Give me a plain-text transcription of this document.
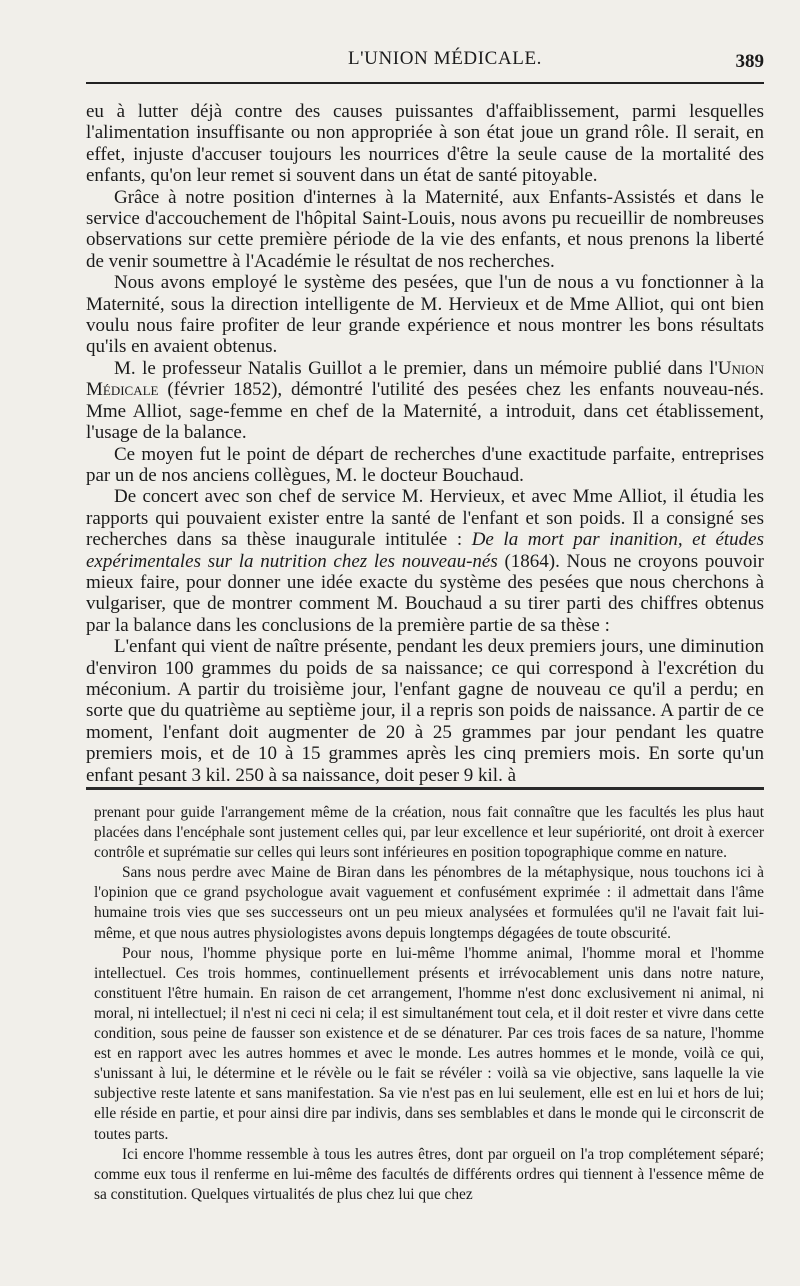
L'UNION MÉDICALE.	389

eu à lutter déjà contre des causes puissantes d'affaiblissement, parmi lesquelles l'alimentation insuffisante ou non appropriée à son état joue un grand rôle. Il serait, en effet, injuste d'accuser toujours les nourrices d'être la seule cause de la mortalité des enfants, qu'on leur remet si souvent dans un état de santé pitoyable.

Grâce à notre position d'internes à la Maternité, aux Enfants-Assistés et dans le service d'accouchement de l'hôpital Saint-Louis, nous avons pu recueillir de nombreuses observations sur cette première période de la vie des enfants, et nous prenons la liberté de venir soumettre à l'Académie le résultat de nos recherches.

Nous avons employé le système des pesées, que l'un de nous a vu fonctionner à la Maternité, sous la direction intelligente de M. Hervieux et de Mme Alliot, qui ont bien voulu nous faire profiter de leur grande expérience et nous montrer les bons résultats qu'ils en avaient obtenus.

M. le professeur Natalis Guillot a le premier, dans un mémoire publié dans l'Union Médicale (février 1852), démontré l'utilité des pesées chez les enfants nouveau-nés. Mme Alliot, sage-femme en chef de la Maternité, a introduit, dans cet établissement, l'usage de la balance.

Ce moyen fut le point de départ de recherches d'une exactitude parfaite, entreprises par un de nos anciens collègues, M. le docteur Bouchaud.

De concert avec son chef de service M. Hervieux, et avec Mme Alliot, il étudia les rapports qui pouvaient exister entre la santé de l'enfant et son poids. Il a consigné ses recherches dans sa thèse inaugurale intitulée : De la mort par inanition, et études expérimentales sur la nutrition chez les nouveau-nés (1864). Nous ne croyons pouvoir mieux faire, pour donner une idée exacte du système des pesées que nous cherchons à vulgariser, que de montrer comment M. Bouchaud a su tirer parti des chiffres obtenus par la balance dans les conclusions de la première partie de sa thèse :

L'enfant qui vient de naître présente, pendant les deux premiers jours, une diminution d'environ 100 grammes du poids de sa naissance; ce qui correspond à l'excrétion du méconium. A partir du troisième jour, l'enfant gagne de nouveau ce qu'il a perdu; en sorte que du quatrième au septième jour, il a repris son poids de naissance. A partir de ce moment, l'enfant doit augmenter de 20 à 25 grammes par jour pendant les quatre premiers mois, et de 10 à 15 grammes après les cinq premiers mois. En sorte qu'un enfant pesant 3 kil. 250 à sa naissance, doit peser 9 kil. à

prenant pour guide l'arrangement même de la création, nous fait connaître que les facultés les plus haut placées dans l'encéphale sont justement celles qui, par leur excellence et leur supériorité, ont droit à exercer contrôle et suprématie sur celles qui leurs sont inférieures en position topographique comme en nature.

Sans nous perdre avec Maine de Biran dans les pénombres de la métaphysique, nous touchons ici à l'opinion que ce grand psychologue avait vaguement et confusément exprimée : il admettait dans l'âme humaine trois vies que ses successeurs ont un peu mieux analysées et formulées qu'il ne l'avait fait lui-même, et que nous autres physiologistes avons depuis longtemps dégagées de toute obscurité.

Pour nous, l'homme physique porte en lui-même l'homme animal, l'homme moral et l'homme intellectuel. Ces trois hommes, continuellement présents et irrévocablement unis dans notre nature, constituent l'être humain. En raison de cet arrangement, l'homme n'est donc exclusivement ni animal, ni moral, ni intellectuel; il n'est ni ceci ni cela; il est simultanément tout cela, et il doit rester et vivre dans cette condition, sous peine de fausser son existence et de se dénaturer. Par ces trois faces de sa nature, l'homme est en rapport avec les autres hommes et avec le monde. Les autres hommes et le monde, voilà ce qui, s'unissant à lui, le détermine et le révèle ou le fait se révéler : voilà sa vie objective, sans laquelle la vie subjective reste latente et sans manifestation. Sa vie n'est pas en lui seulement, elle est en lui et hors de lui; elle réside en partie, et pour ainsi dire par indivis, dans ses semblables et dans le monde qui le circonscrit de toutes parts.

Ici encore l'homme ressemble à tous les autres êtres, dont par orgueil on l'a trop complétement séparé; comme eux tous il renferme en lui-même des facultés de différents ordres qui tiennent à l'essence même de sa constitution. Quelques virtualités de plus chez lui que chez
